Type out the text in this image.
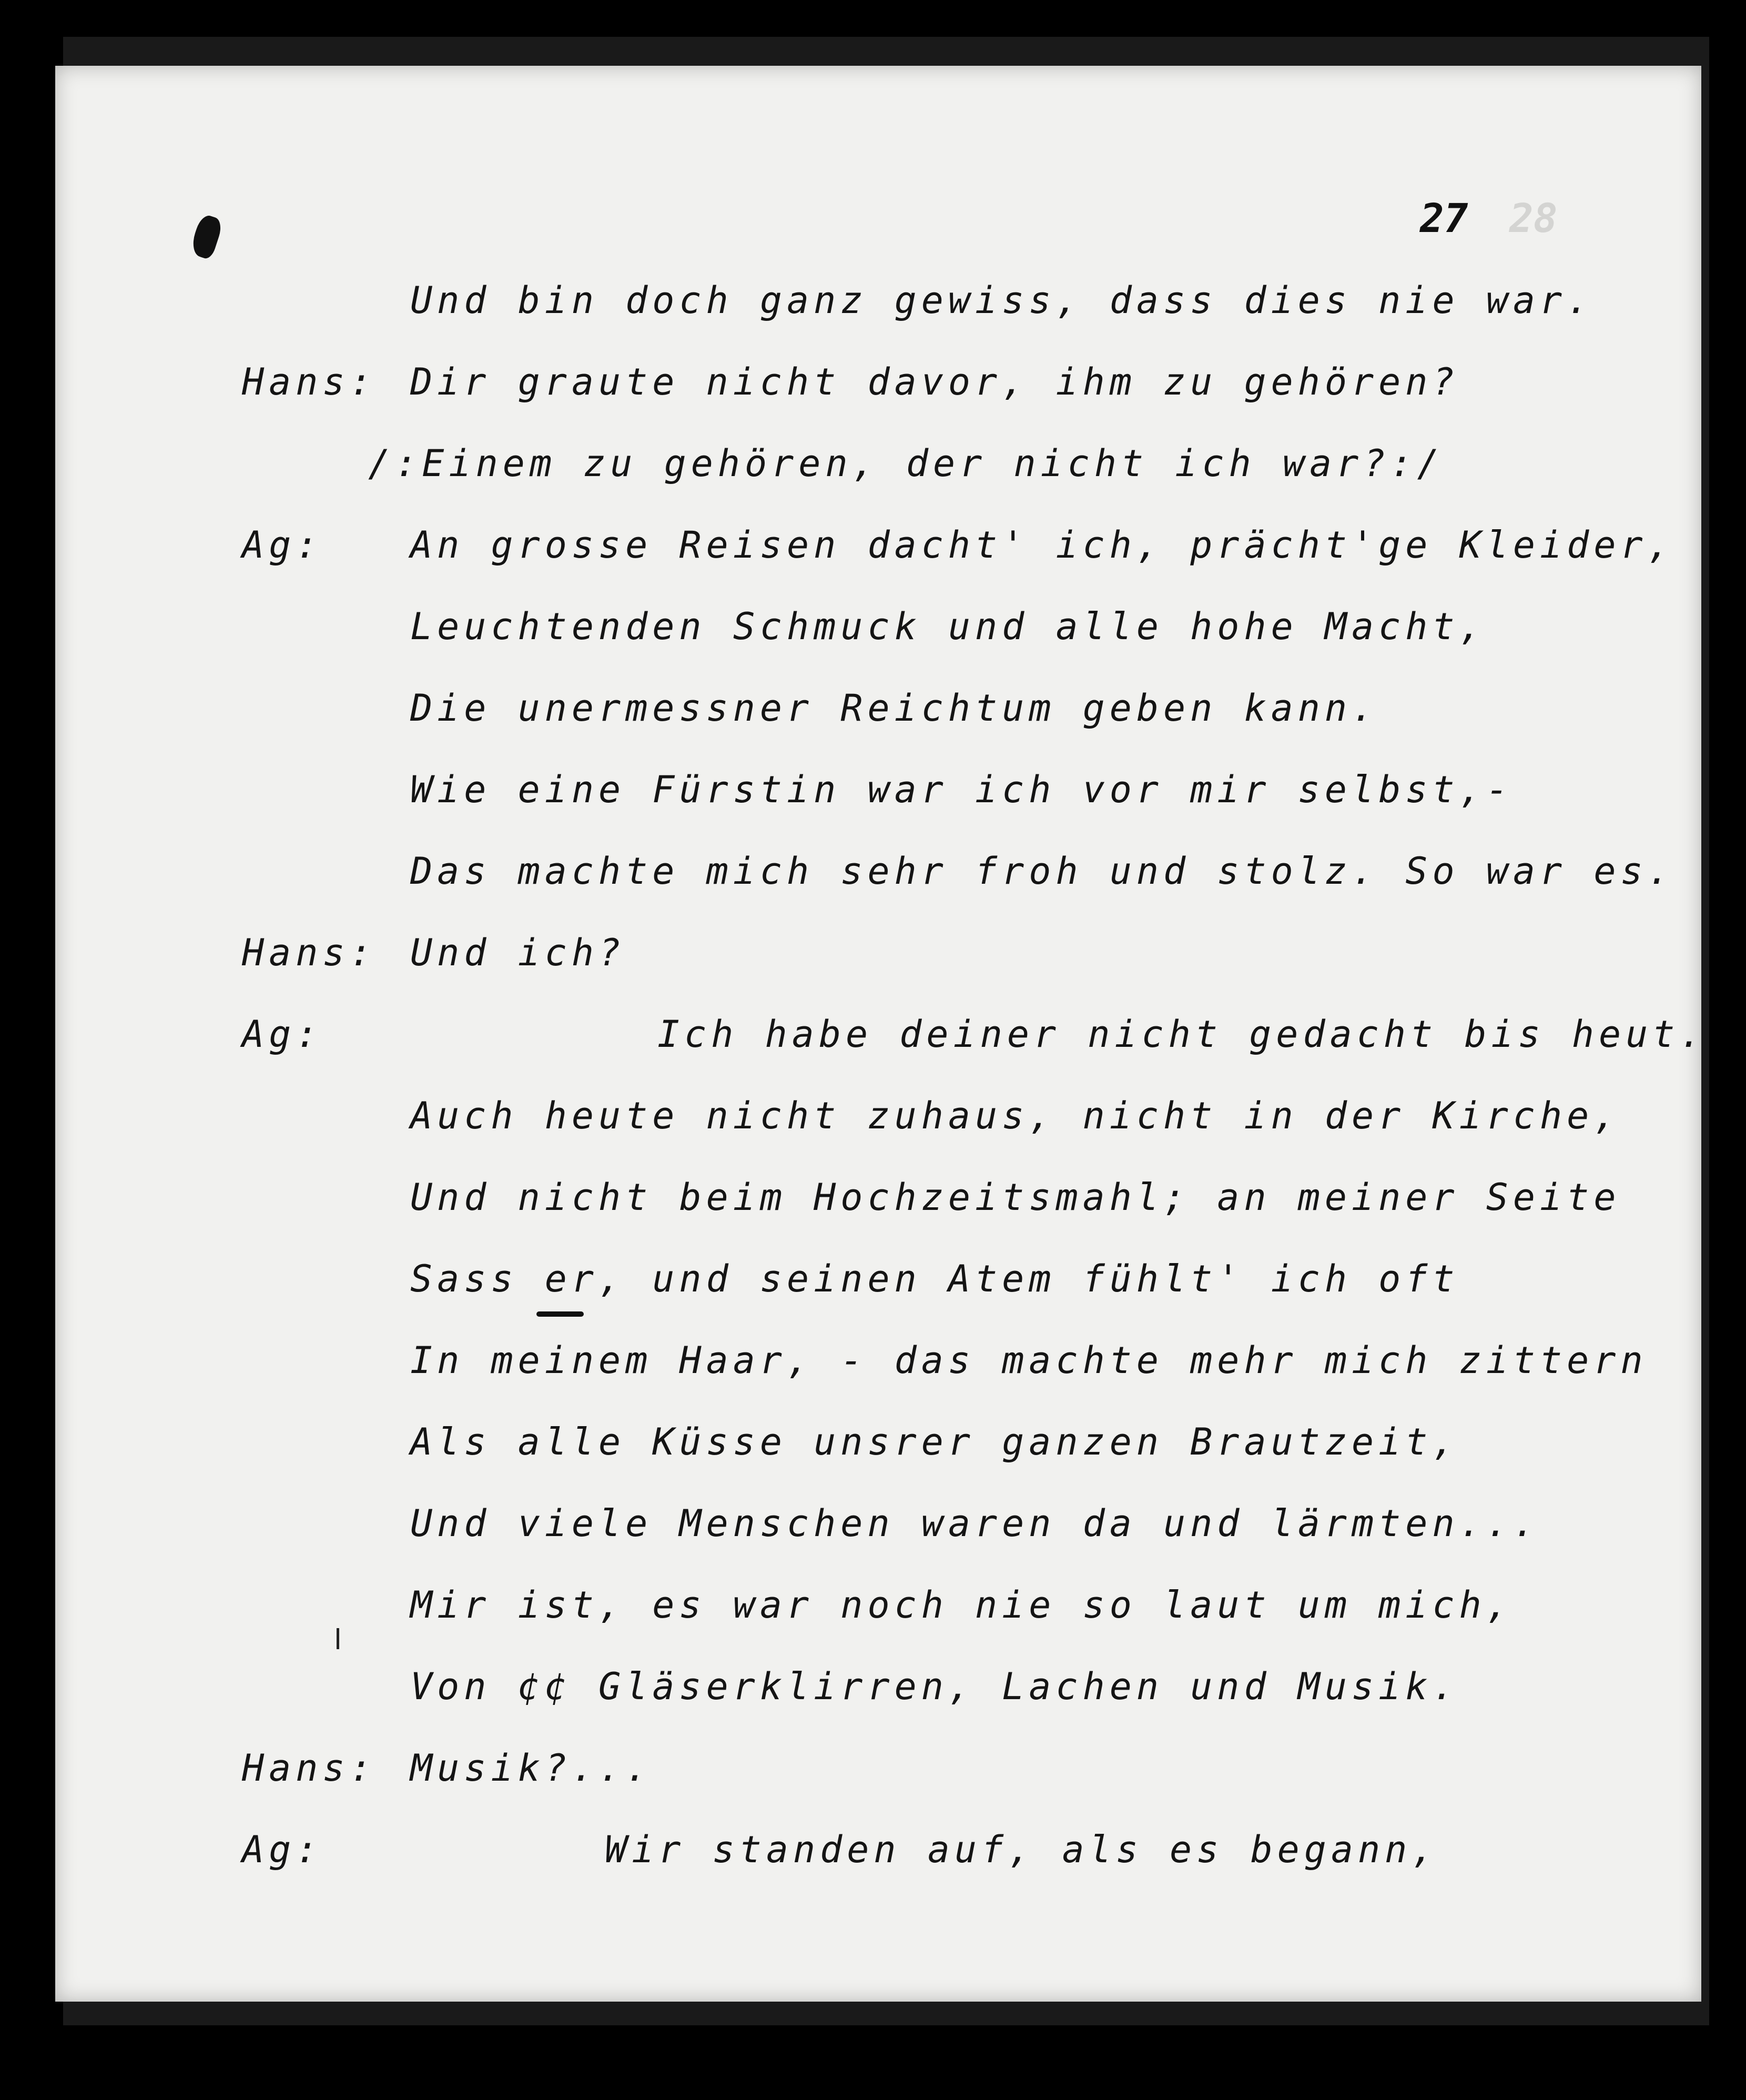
28
27
Und bin doch ganz gewiss, dass dies nie war.
Hans: Dir graute nicht davor, ihm zu gehören?
/:Einem zu gehören, der nicht ich war?:/
Ag: An grosse Reisen dacht' ich, prächt'ge Kleider,
Leuchtenden Schmuck und alle hohe Macht,
Die unermessner Reichtum geben kann.
Wie eine Fürstin war ich vor mir selbst,-
Das machte mich sehr froh und stolz. So war es.
Hans: Und ich?
Ag:	Ich habe deiner nicht gedacht bis heut.
Auch heute nicht zuhaus, nicht in der Kirche,
Und nicht beim Hochzeitsmahl; an meiner Seite
Sass er, und seinen Atem fühlt' ich oft
In meinem Haar, - das machte mehr mich zittern
Als alle Küsse unsrer ganzen Brautzeit,
Und viele Menschen waren da und lärmten...
Mir ist, es war noch nie so laut um mich,
Von ¢¢ Gläserklirren, Lachen und Musik.
Hans: Musik?...
Ag:	Wir standen auf, als es begann,
